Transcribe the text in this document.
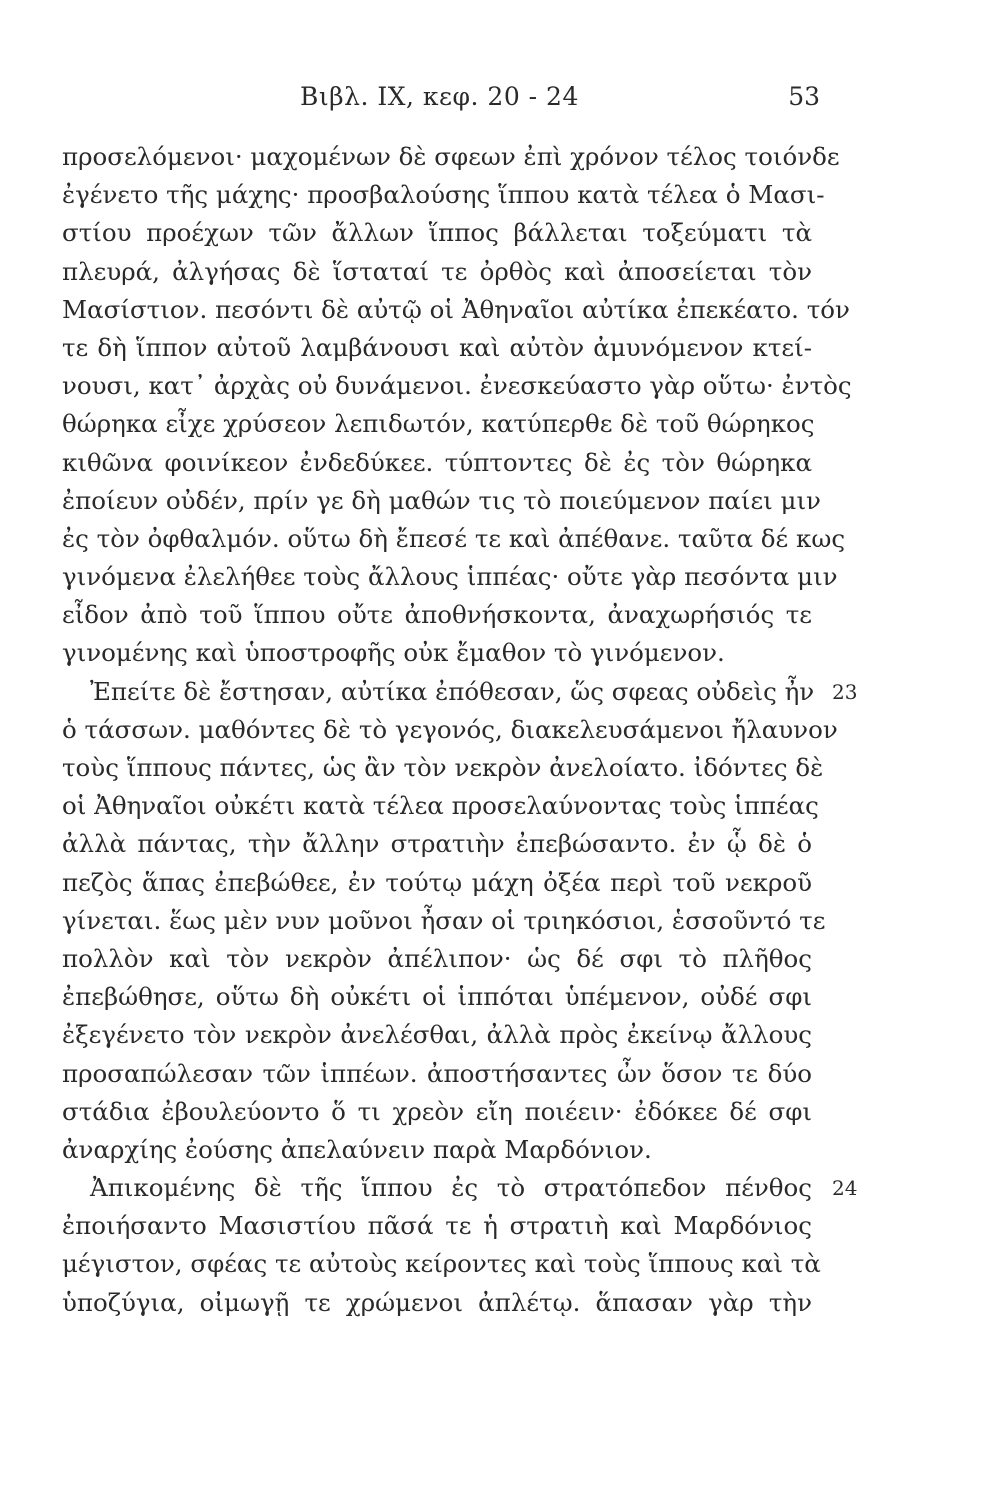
Βιβλ. ΙΧ, κεφ. 20 - 24	53
προσελόμενοι· μαχομένων δὲ σφεων ἐπὶ χρόνον τέλος τοιόνδε
ἐγένετο τῆς μάχης· προσβαλούσης ἵππου κατὰ τέλεα ὁ Μασι-
στίου προέχων τῶν ἄλλων ἵππος βάλλεται τοξεύματι τὰ
πλευρά, ἀλγήσας δὲ ἵσταταί τε ὀρθὸς καὶ ἀποσείεται τὸν
Μασίστιον. πεσόντι δὲ αὐτῷ οἱ Ἀθηναῖοι αὐτίκα ἐπεκέατο. τόν
τε δὴ ἵππον αὐτοῦ λαμβάνουσι καὶ αὐτὸν ἀμυνόμενον κτεί-
νουσι, κατ᾽ ἀρχὰς οὐ δυνάμενοι. ἐνεσκεύαστο γὰρ οὕτω· ἐντὸς
θώρηκα εἶχε χρύσεον λεπιδωτόν, κατύπερθε δὲ τοῦ θώρηκος
κιθῶνα φοινίκεον ἐνδεδύκεε. τύπτοντες δὲ ἐς τὸν θώρηκα
ἐποίευν οὐδέν, πρίν γε δὴ μαθών τις τὸ ποιεύμενον παίει μιν
ἐς τὸν ὀφθαλμόν. οὕτω δὴ ἔπεσέ τε καὶ ἀπέθανε. ταῦτα δέ κως
γινόμενα ἐλελήθεε τοὺς ἄλλους ἱππέας· οὔτε γὰρ πεσόντα μιν
εἶδον ἀπὸ τοῦ ἵππου οὔτε ἀποθνήσκοντα, ἀναχωρήσιός τε
γινομένης καὶ ὑποστροφῆς οὐκ ἔμαθον τὸ γινόμενον.
Ἐπείτε δὲ ἔστησαν, αὐτίκα ἐπόθεσαν, ὥς σφεας οὐδεὶς ἦν 23
ὁ τάσσων. μαθόντες δὲ τὸ γεγονός, διακελευσάμενοι ἤλαυνον
τοὺς ἵππους πάντες, ὡς ἂν τὸν νεκρὸν ἀνελοίατο. ἰδόντες δὲ
οἱ Ἀθηναῖοι οὐκέτι κατὰ τέλεα προσελαύνοντας τοὺς ἱππέας
ἀλλὰ πάντας, τὴν ἄλλην στρατιὴν ἐπεβώσαντο. ἐν ᾧ δὲ ὁ
πεζὸς ἅπας ἐπεβώθεε, ἐν τούτῳ μάχη ὀξέα περὶ τοῦ νεκροῦ
γίνεται. ἕως μὲν νυν μοῦνοι ἦσαν οἱ τριηκόσιοι, ἑσσοῦντό τε
πολλὸν καὶ τὸν νεκρὸν ἀπέλιπον· ὡς δέ σφι τὸ πλῆθος
ἐπεβώθησε, οὕτω δὴ οὐκέτι οἱ ἱππόται ὑπέμενον, οὐδέ σφι
ἐξεγένετο τὸν νεκρὸν ἀνελέσθαι, ἀλλὰ πρὸς ἐκείνῳ ἄλλους
προσαπώλεσαν τῶν ἱππέων. ἀποστήσαντες ὦν ὅσον τε δύο
στάδια ἐβουλεύοντο ὅ τι χρεὸν εἴη ποιέειν· ἐδόκεε δέ σφι
ἀναρχίης ἐούσης ἀπελαύνειν παρὰ Μαρδόνιον.
Ἀπικομένης δὲ τῆς ἵππου ἐς τὸ στρατόπεδον πένθος 24
ἐποιήσαντο Μασιστίου πᾶσά τε ἡ στρατιὴ καὶ Μαρδόνιος
μέγιστον, σφέας τε αὐτοὺς κείροντες καὶ τοὺς ἵππους καὶ τὰ
ὑποζύγια, οἰμωγῇ τε χρώμενοι ἀπλέτῳ. ἅπασαν γὰρ τὴν
